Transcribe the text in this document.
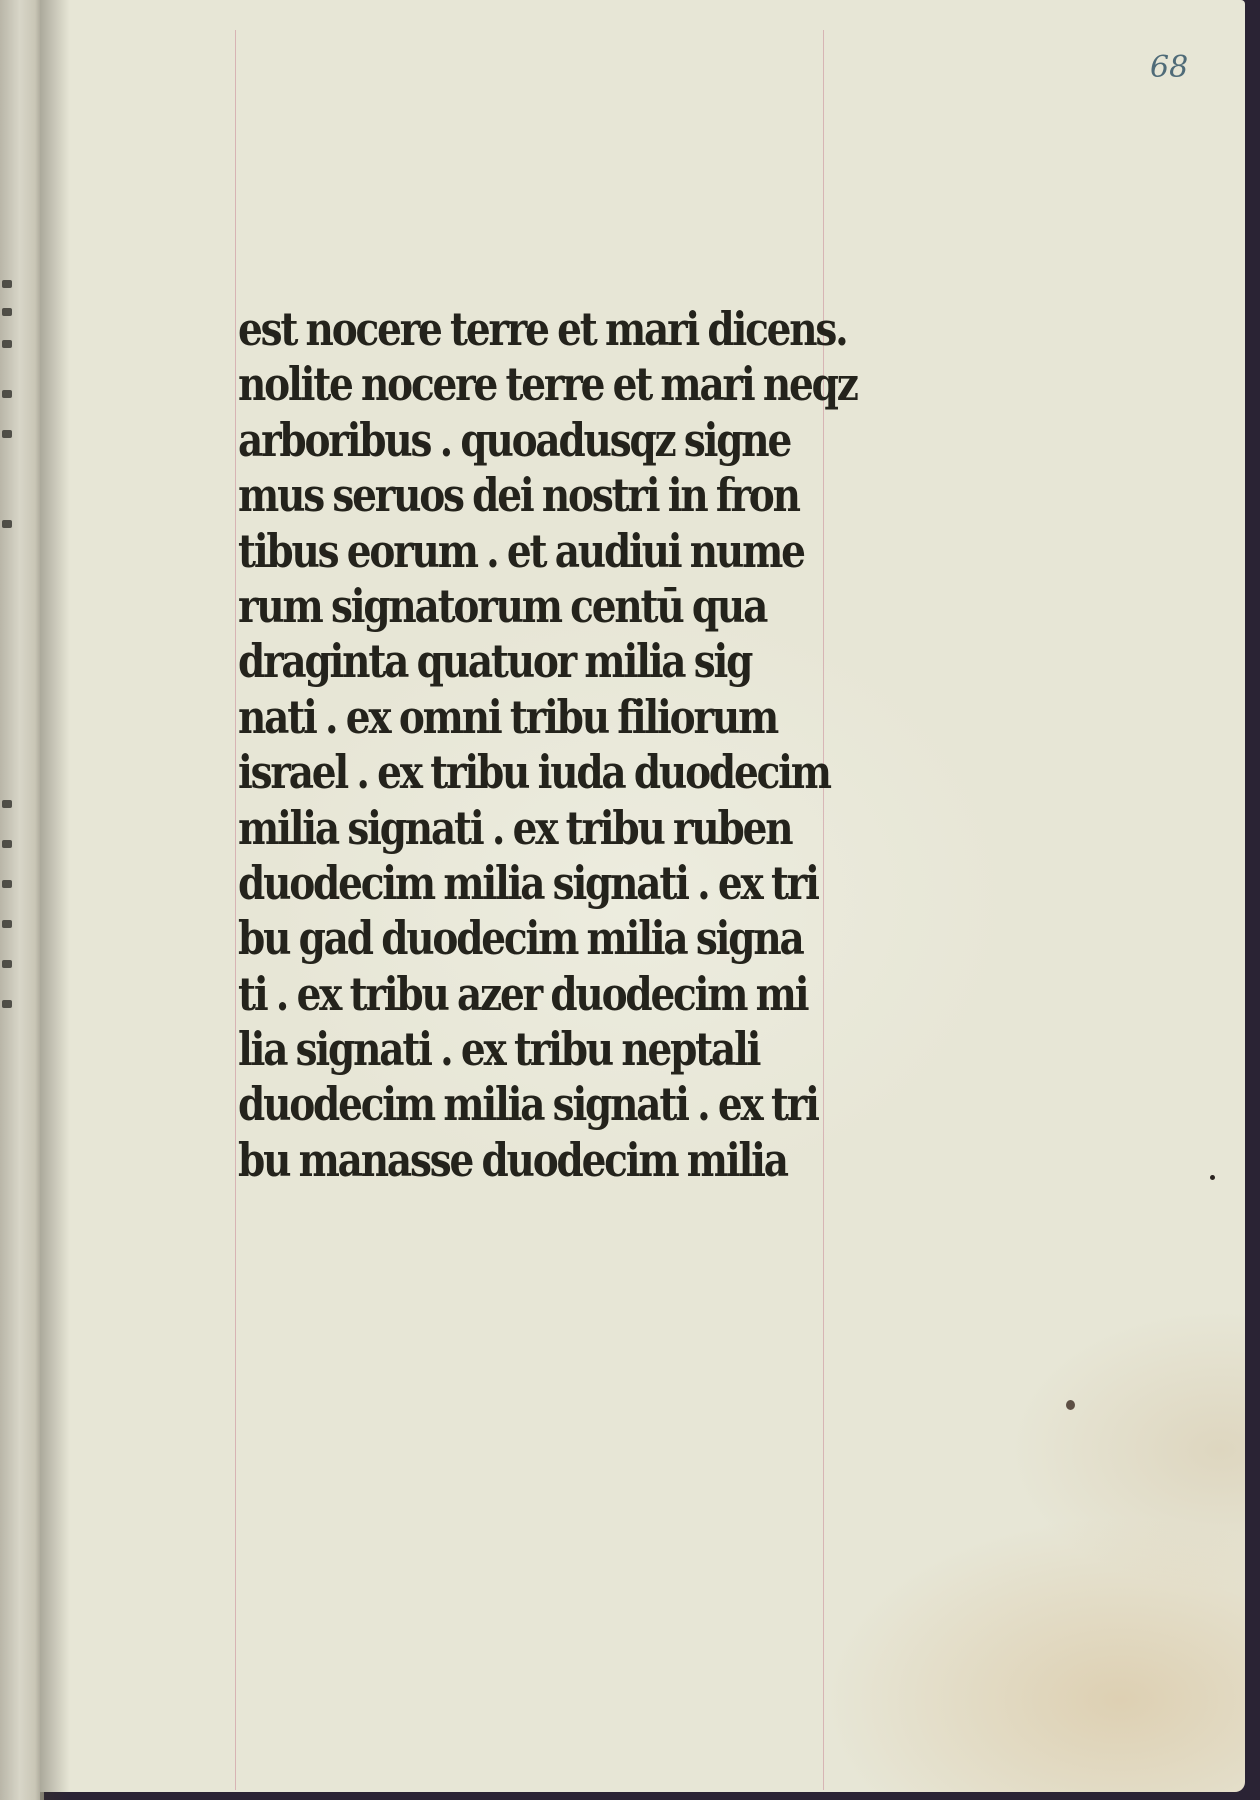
68
est nocere terre et mari dicens.
nolite nocere terre et mari neqz
arboribus . quoadusqz signe
mus seruos dei nostri in fron
tibus eorum . et audiui nume
rum signatorum centū qua
draginta quatuor milia sig
nati . ex omni tribu filiorum
israel . ex tribu iuda duodecim
milia signati . ex tribu ruben
duodecim milia signati . ex tri
bu gad duodecim milia signa
ti . ex tribu azer duodecim mi
lia signati . ex tribu neptali
duodecim milia signati . ex tri
bu manasse duodecim milia
